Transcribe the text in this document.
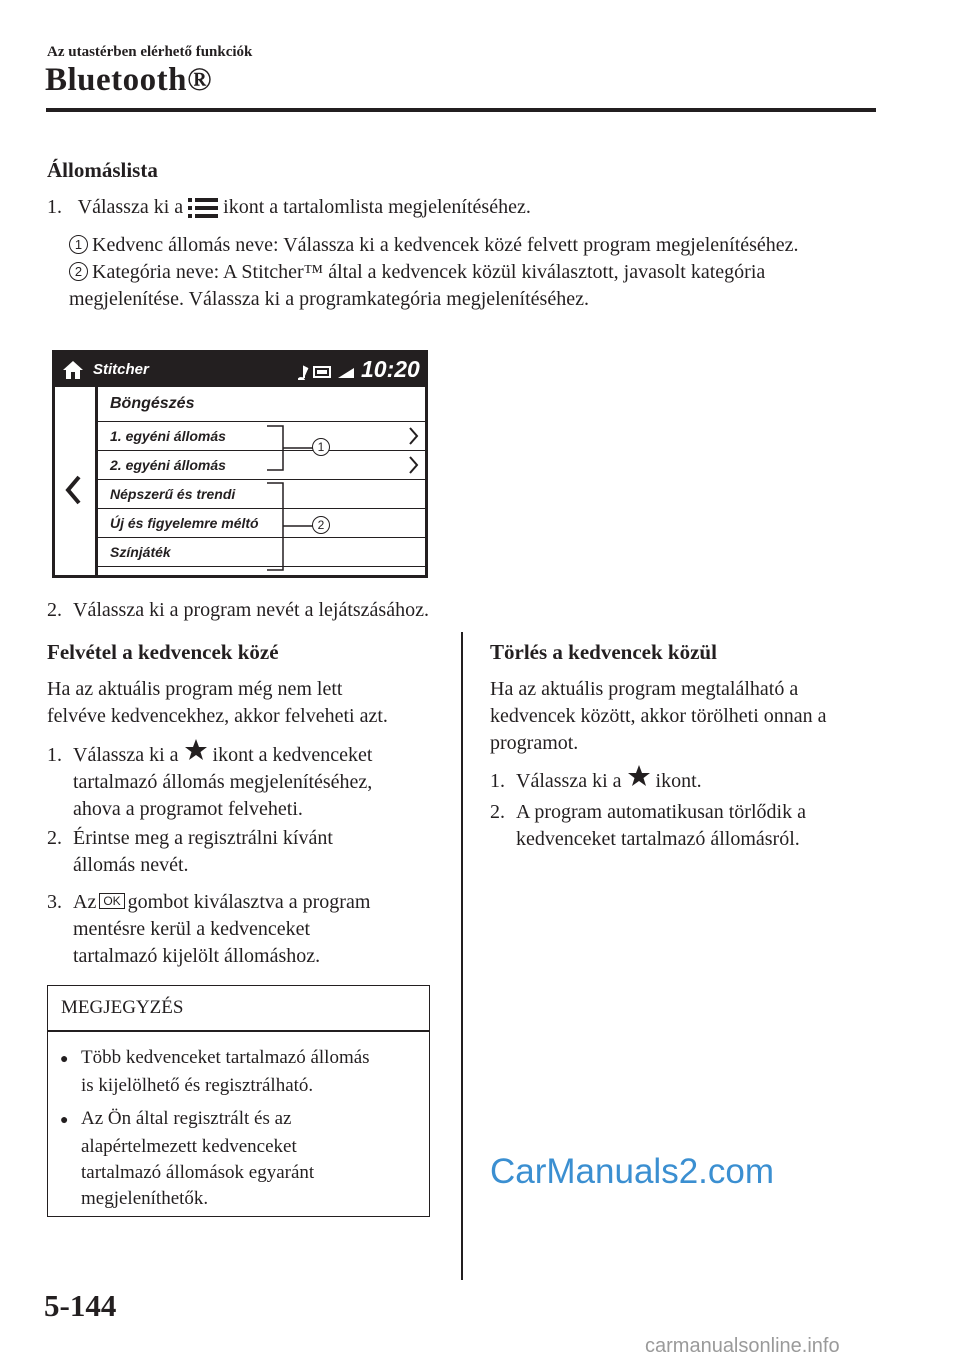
Az utastérben elérhető funkciók
Bluetooth®
Állomáslista
1. Válassza ki a ikont a tartalomlista megjelenítéséhez.
1 Kedvenc állomás neve: Válassza ki a kedvencek közé felvett program megjelenítéséhez.
2 Kategória neve: A Stitcher™ által a kedvencek közül kiválasztott, javasolt kategória
megjelenítése. Válassza ki a programkategória megjelenítéséhez.
Stitcher	10:20
Böngészés
1. egyéni állomás
2. egyéni állomás
Népszerű és trendi
Új és figyelemre méltó
Színjáték
1
2
2. Válassza ki a program nevét a lejátszásához.
Felvétel a kedvencek közé
Ha az aktuális program még nem lett
felvéve kedvencekhez, akkor felveheti azt.
1. Válassza ki a ikont a kedvenceket
tartalmazó állomás megjelenítéséhez,
ahova a programot felveheti.
2. Érintse meg a regisztrálni kívánt
állomás nevét.
3. Az OK gombot kiválasztva a program
mentésre kerül a kedvenceket
tartalmazó kijelölt állomáshoz.
MEGJEGYZÉS
● Több kedvenceket tartalmazó állomás
is kijelölhető és regisztrálható.
● Az Ön által regisztrált és az
alapértelmezett kedvenceket
tartalmazó állomások egyaránt
megjeleníthetők.
Törlés a kedvencek közül
Ha az aktuális program megtalálható a
kedvencek között, akkor törölheti onnan a
programot.
1. Válassza ki a ikont.
2. A program automatikusan törlődik a
kedvenceket tartalmazó állomásról.
CarManuals2.com
5-144
carmanualsonline.info
